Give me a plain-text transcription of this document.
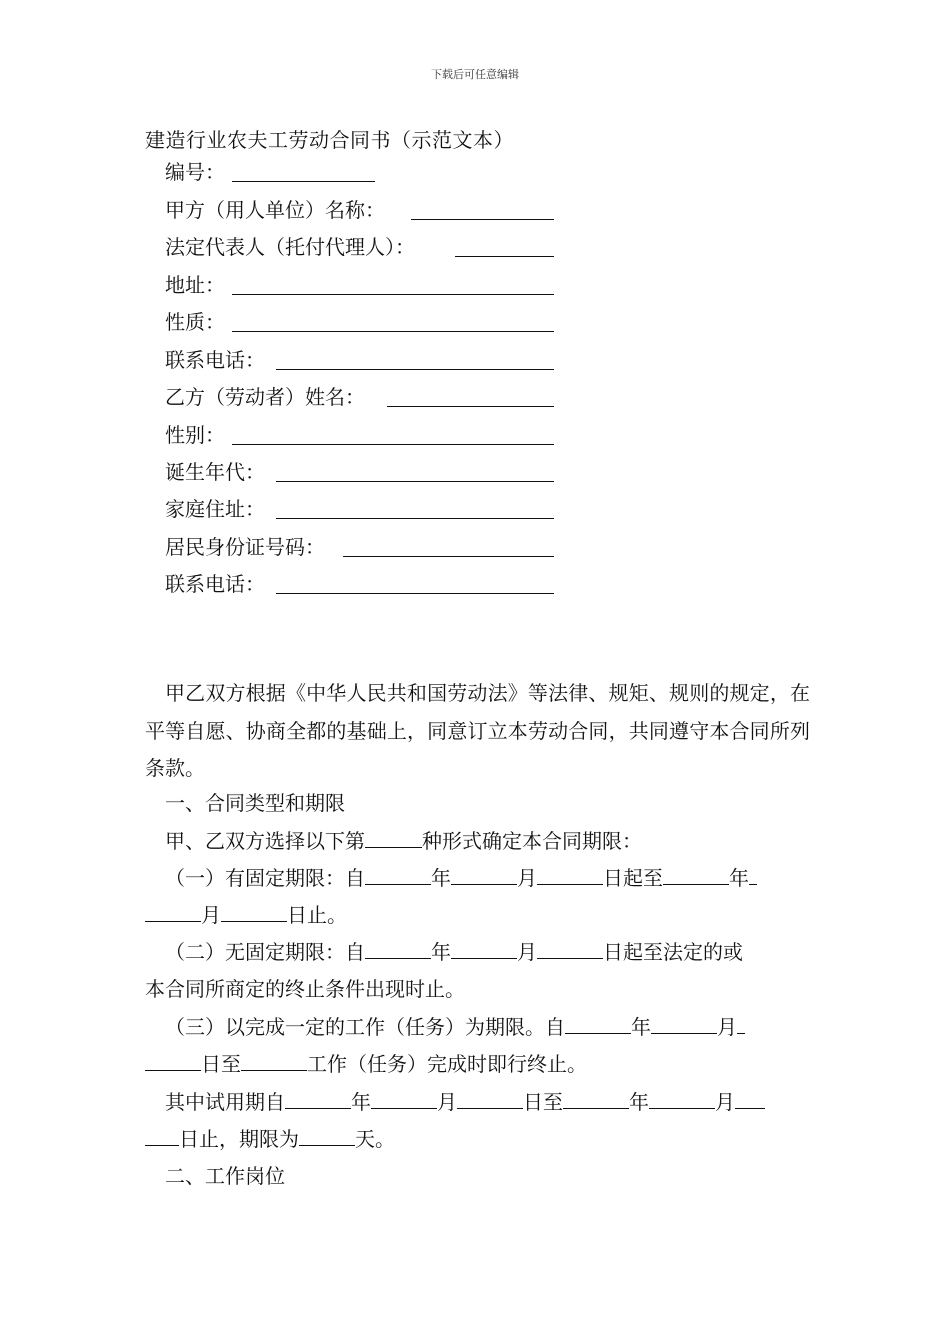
下载后可任意编辑
建造行业农夫工劳动合同书（示范文本）
编号：
甲方（用人单位）名称：
法定代表人（托付代理人）：
地址：
性质：
联系电话：
乙方（劳动者）姓名：
性别：
诞生年代：
家庭住址：
居民身份证号码：
联系电话：
甲乙双方根据《中华人民共和国劳动法》等法律、规矩、规则的规定，在平等自愿、协商全都的基础上，同意订立本劳动合同，共同遵守本合同所列条款。
一、合同类型和期限
甲、乙双方选择以下第	种形式确定本合同期限：
（一）有固定期限：自	年	月	日起至	年
月	日止。
（二）无固定期限：自	年	月	日起至法定的或
本合同所商定的终止条件出现时止。
（三）以完成一定的工作（任务）为期限。自	年	月
日至	工作（任务）完成时即行终止。
其中试用期自	年	月	日至	年	月
日止，期限为	天。
二、工作岗位
